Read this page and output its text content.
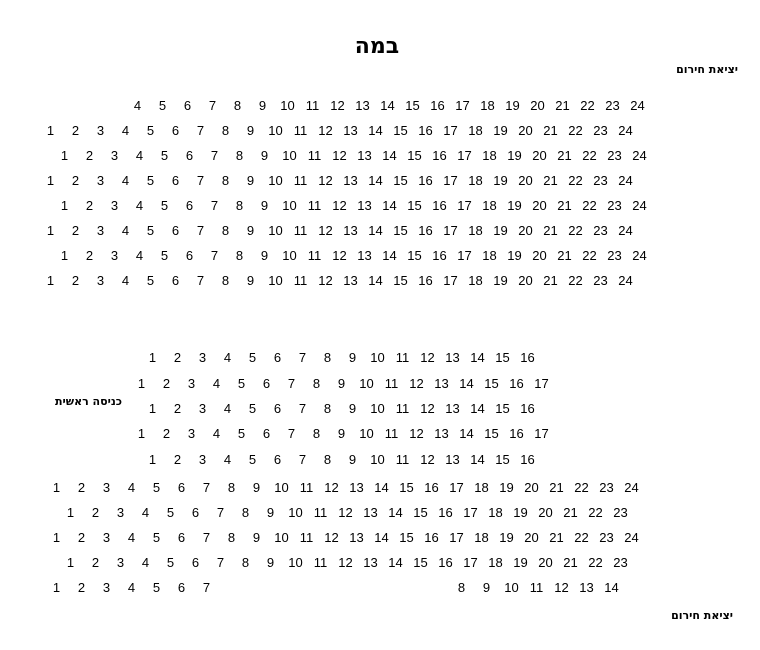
במה
יציאת חירום
כניסה ראשית
יציאת חירום
4	5	6	7	8	9	10 11 12 13 14 15 16 17 18 19 20 21 22 23 24
1	2	3	4	5	6	7	8	9	10 11 12 13 14 15 16 17 18 19 20 21 22 23 24
1	2	3	4	5	6	7	8	9	10 11 12 13 14 15 16 17 18 19 20 21 22 23 24
1	2	3	4	5	6	7	8	9	10 11 12 13 14 15 16 17 18 19 20 21 22 23 24
1	2	3	4	5	6	7	8	9	10 11 12 13 14 15 16 17 18 19 20 21 22 23 24
1	2	3	4	5	6	7	8	9	10 11 12 13 14 15 16 17 18 19 20 21 22 23 24
1	2	3	4	5	6	7	8	9	10 11 12 13 14 15 16 17 18 19 20 21 22 23 24
1	2	3	4	5	6	7	8	9	10 11 12 13 14 15 16 17 18 19 20 21 22 23 24
1	2	3	4	5	6	7	8	9	10 11 12 13 14 15 16
1	2	3	4	5	6	7	8	9	10 11 12 13 14 15 16 17
1	2	3	4	5	6	7	8	9	10 11 12 13 14 15 16
1	2	3	4	5	6	7	8	9	10 11 12 13 14 15 16 17
1	2	3	4	5	6	7	8	9	10 11 12 13 14 15 16
1	2	3	4	5	6	7	8	9	10 11 12 13 14 15 16 17 18 19 20 21 22 23 24
1	2	3	4	5	6	7	8	9	10 11 12 13 14 15 16 17 18 19 20 21 22 23
1	2	3	4	5	6	7	8	9	10 11 12 13 14 15 16 17 18 19 20 21 22 23 24
1	2	3	4	5	6	7	8	9	10 11 12 13 14 15 16 17 18 19 20 21 22 23
1	2	3	4	5	6	7	8	9	10 11 12 13 14
